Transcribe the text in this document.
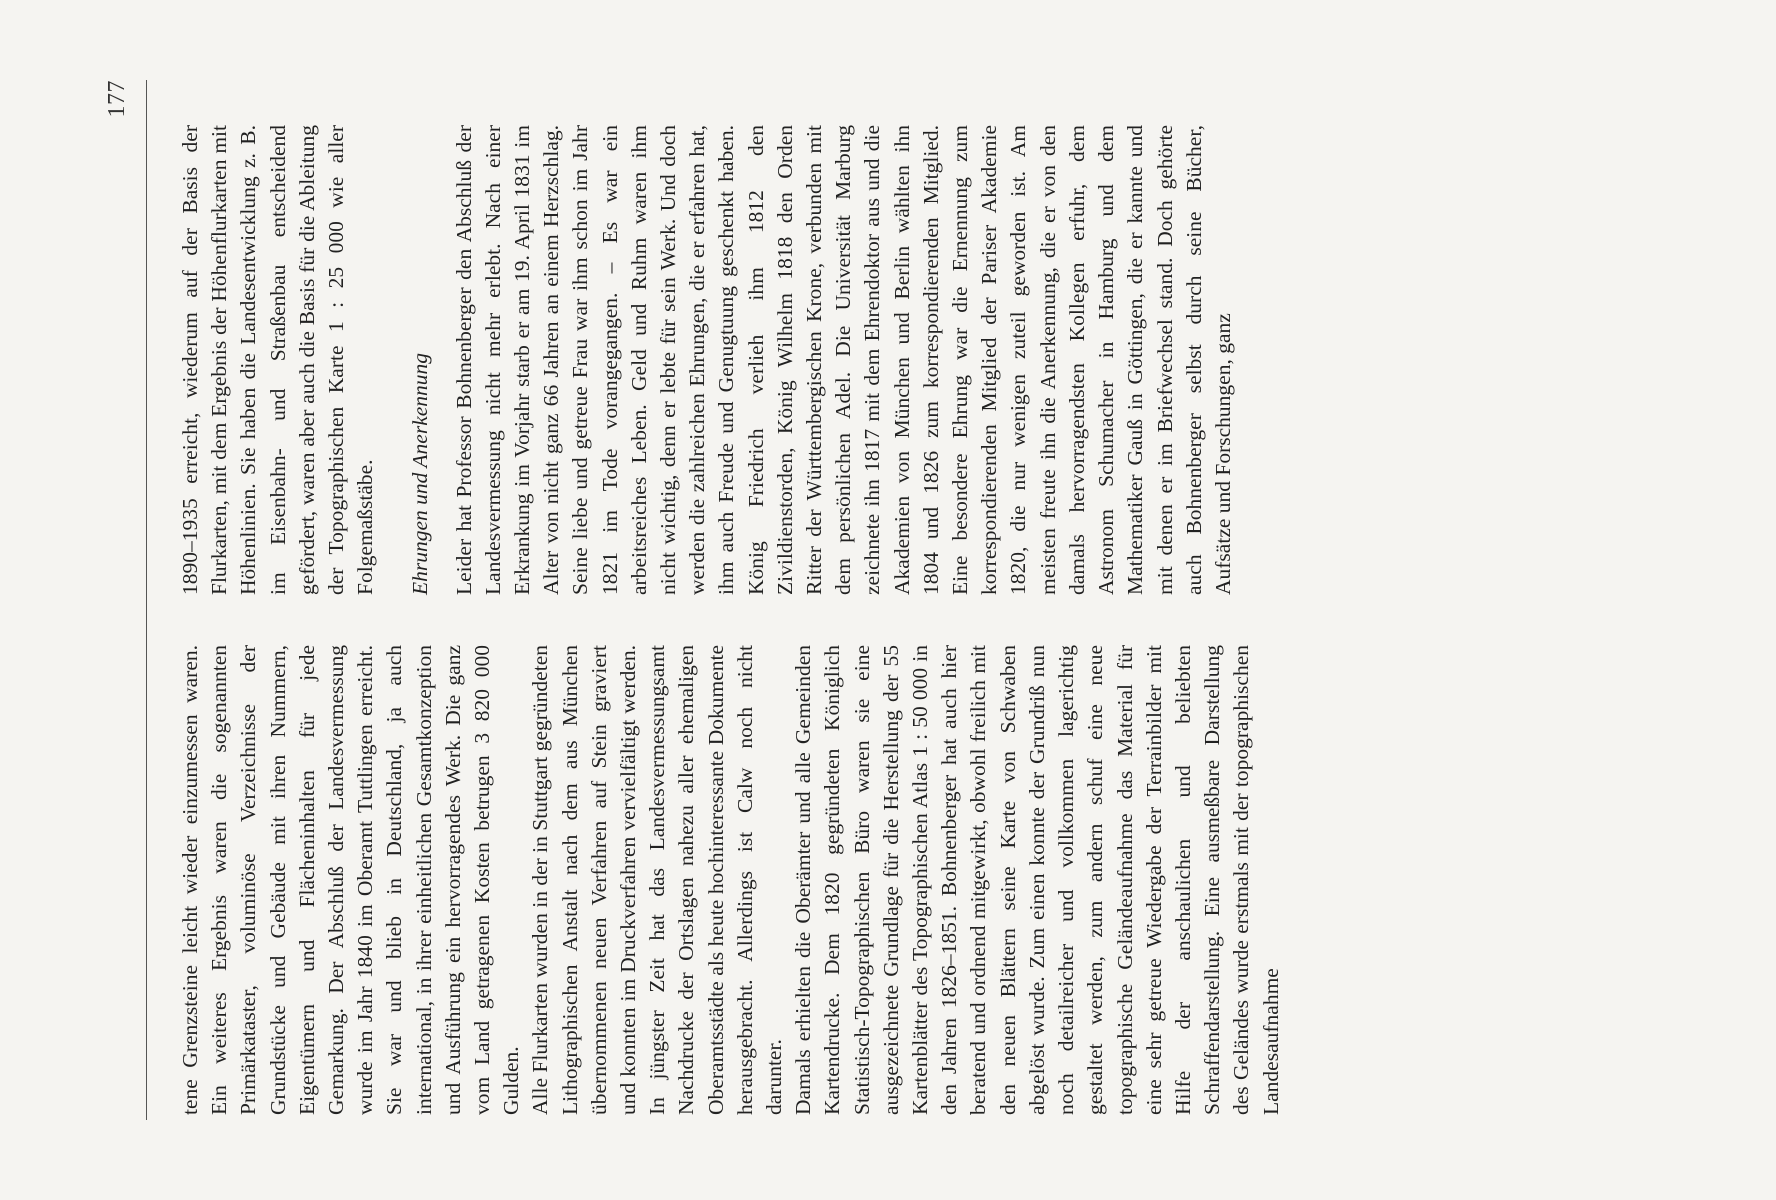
177

tene Grenzsteine leicht wieder einzumessen waren. Ein weiteres Ergebnis waren die sogenannten Primärkataster, voluminöse Verzeichnisse der Grundstücke und Gebäude mit ihren Nummern, Eigentümern und Flächeninhalten für jede Gemarkung. Der Abschluß der Landesvermessung wurde im Jahr 1840 im Oberamt Tuttlingen erreicht. Sie war und blieb in Deutschland, ja auch international, in ihrer einheitlichen Gesamtkonzeption und Ausführung ein hervorragendes Werk. Die ganz vom Land getragenen Kosten betrugen 3 820 000 Gulden. Alle Flurkarten wurden in der in Stuttgart gegründeten Lithographischen Anstalt nach dem aus München übernommenen neuen Verfahren auf Stein graviert und konnten im Druckverfahren vervielfältigt werden. In jüngster Zeit hat das Landesvermessungsamt Nachdrucke der Ortslagen nahezu aller ehemaligen Oberamtsstädte als heute hochinteressante Dokumente herausgebracht. Allerdings ist Calw noch nicht darunter. Damals erhielten die Oberämter und alle Gemeinden Kartendrucke. Dem 1820 gegründeten Königlich Statistisch-Topographischen Büro waren sie eine ausgezeichnete Grundlage für die Herstellung der 55 Kartenblätter des Topographischen Atlas 1 : 50 000 in den Jahren 1826–1851. Bohnenberger hat auch hier beratend und ordnend mitgewirkt, obwohl freilich mit den neuen Blättern seine Karte von Schwaben abgelöst wurde. Zum einen konnte der Grundriß nun noch detailreicher und vollkommen lagerichtig gestaltet werden, zum andern schuf eine neue topographische Geländeaufnahme das Material für eine sehr getreue Wiedergabe der Terrainbilder mit Hilfe der anschaulichen und beliebten Schraffendarstellung. Eine ausmeßbare Darstellung des Geländes wurde erstmals mit der topographischen Landesaufnahme

1890–1935 erreicht, wiederum auf der Basis der Flurkarten, mit dem Ergebnis der Höhenflurkarten mit Höhenlinien. Sie haben die Landesentwicklung z. B. im Eisenbahn- und Straßenbau entscheidend gefördert, waren aber auch die Basis für die Ableitung der Topographischen Karte 1 : 25 000 wie aller Folgemaßstäbe. Ehrungen und Anerkennung Leider hat Professor Bohnenberger den Abschluß der Landesvermessung nicht mehr erlebt. Nach einer Erkrankung im Vorjahr starb er am 19. April 1831 im Alter von nicht ganz 66 Jahren an einem Herzschlag. Seine liebe und getreue Frau war ihm schon im Jahr 1821 im Tode vorangegangen. – Es war ein arbeitsreiches Leben. Geld und Ruhm waren ihm nicht wichtig, denn er lebte für sein Werk. Und doch werden die zahlreichen Ehrungen, die er erfahren hat, ihm auch Freude und Genugtuung geschenkt haben. König Friedrich verlieh ihm 1812 den Zivildienstorden, König Wilhelm 1818 den Orden Ritter der Württembergischen Krone, verbunden mit dem persönlichen Adel. Die Universität Marburg zeichnete ihn 1817 mit dem Ehrendoktor aus und die Akademien von München und Berlin wählten ihn 1804 und 1826 zum korrespondierenden Mitglied. Eine besondere Ehrung war die Ernennung zum korrespondierenden Mitglied der Pariser Akademie 1820, die nur wenigen zuteil geworden ist. Am meisten freute ihn die Anerkennung, die er von den damals hervorragendsten Kollegen erfuhr, dem Astronom Schumacher in Hamburg und dem Mathematiker Gauß in Göttingen, die er kannte und mit denen er im Briefwechsel stand. Doch gehörte auch Bohnenberger selbst durch seine Bücher, Aufsätze und Forschungen, ganz
